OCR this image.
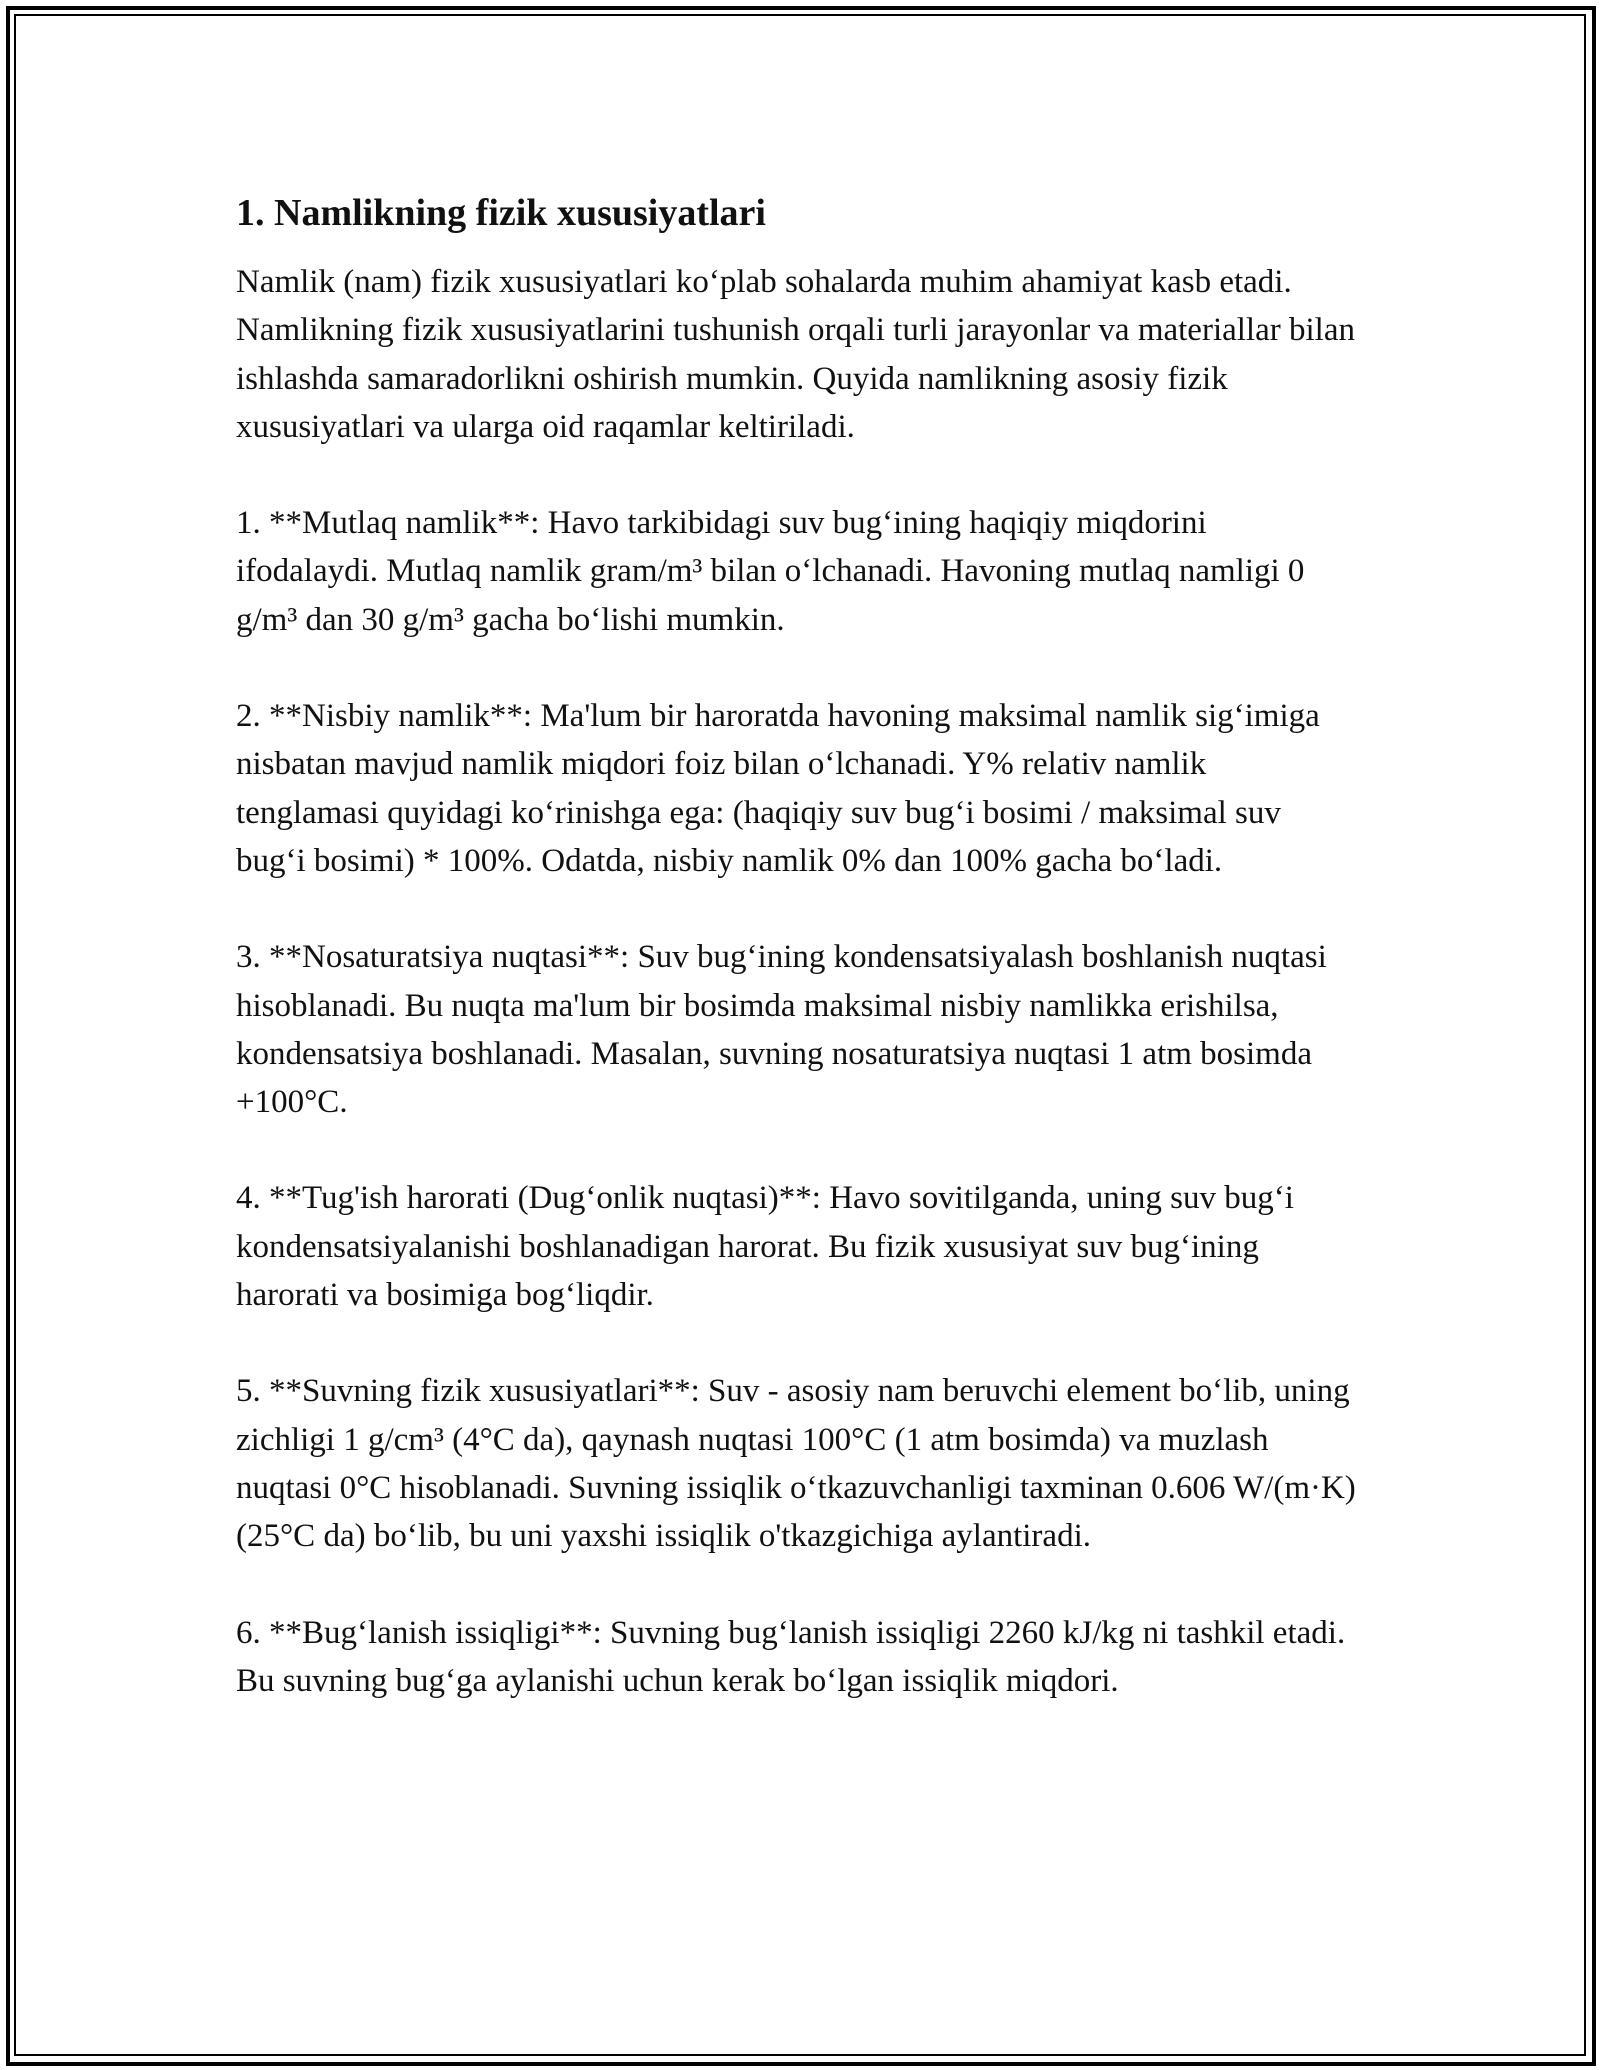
1. Namlikning fizik xususiyatlari

Namlik (nam) fizik xususiyatlari ko‘plab sohalarda muhim ahamiyat kasb etadi. Namlikning fizik xususiyatlarini tushunish orqali turli jarayonlar va materiallar bilan ishlashda samaradorlikni oshirish mumkin. Quyida namlikning asosiy fizik xususiyatlari va ularga oid raqamlar keltiriladi.

1. **Mutlaq namlik**: Havo tarkibidagi suv bug‘ining haqiqiy miqdorini ifodalaydi. Mutlaq namlik gram/m³ bilan o‘lchanadi. Havoning mutlaq namligi 0 g/m³ dan 30 g/m³ gacha bo‘lishi mumkin.

2. **Nisbiy namlik**: Ma'lum bir haroratda havoning maksimal namlik sig‘imiga nisbatan mavjud namlik miqdori foiz bilan o‘lchanadi. Y% relativ namlik tenglamasi quyidagi ko‘rinishga ega: (haqiqiy suv bug‘i bosimi / maksimal suv bug‘i bosimi) * 100%. Odatda, nisbiy namlik 0% dan 100% gacha bo‘ladi.

3. **Nosaturatsiya nuqtasi**: Suv bug‘ining kondensatsiyalash boshlanish nuqtasi hisoblanadi. Bu nuqta ma'lum bir bosimda maksimal nisbiy namlikka erishilsa, kondensatsiya boshlanadi. Masalan, suvning nosaturatsiya nuqtasi 1 atm bosimda +100°C.

4. **Tug'ish harorati (Dug‘onlik nuqtasi)**: Havo sovitilganda, uning suv bug‘i kondensatsiyalanishi boshlanadigan harorat. Bu fizik xususiyat suv bug‘ining harorati va bosimiga bog‘liqdir.

5. **Suvning fizik xususiyatlari**: Suv - asosiy nam beruvchi element bo‘lib, uning zichligi 1 g/cm³ (4°C da), qaynash nuqtasi 100°C (1 atm bosimda) va muzlash nuqtasi 0°C hisoblanadi. Suvning issiqlik o‘tkazuvchanligi taxminan 0.606 W/(m·K) (25°C da) bo‘lib, bu uni yaxshi issiqlik o'tkazgichiga aylantiradi.

6. **Bug‘lanish issiqligi**: Suvning bug‘lanish issiqligi 2260 kJ/kg ni tashkil etadi. Bu suvning bug‘ga aylanishi uchun kerak bo‘lgan issiqlik miqdori.
